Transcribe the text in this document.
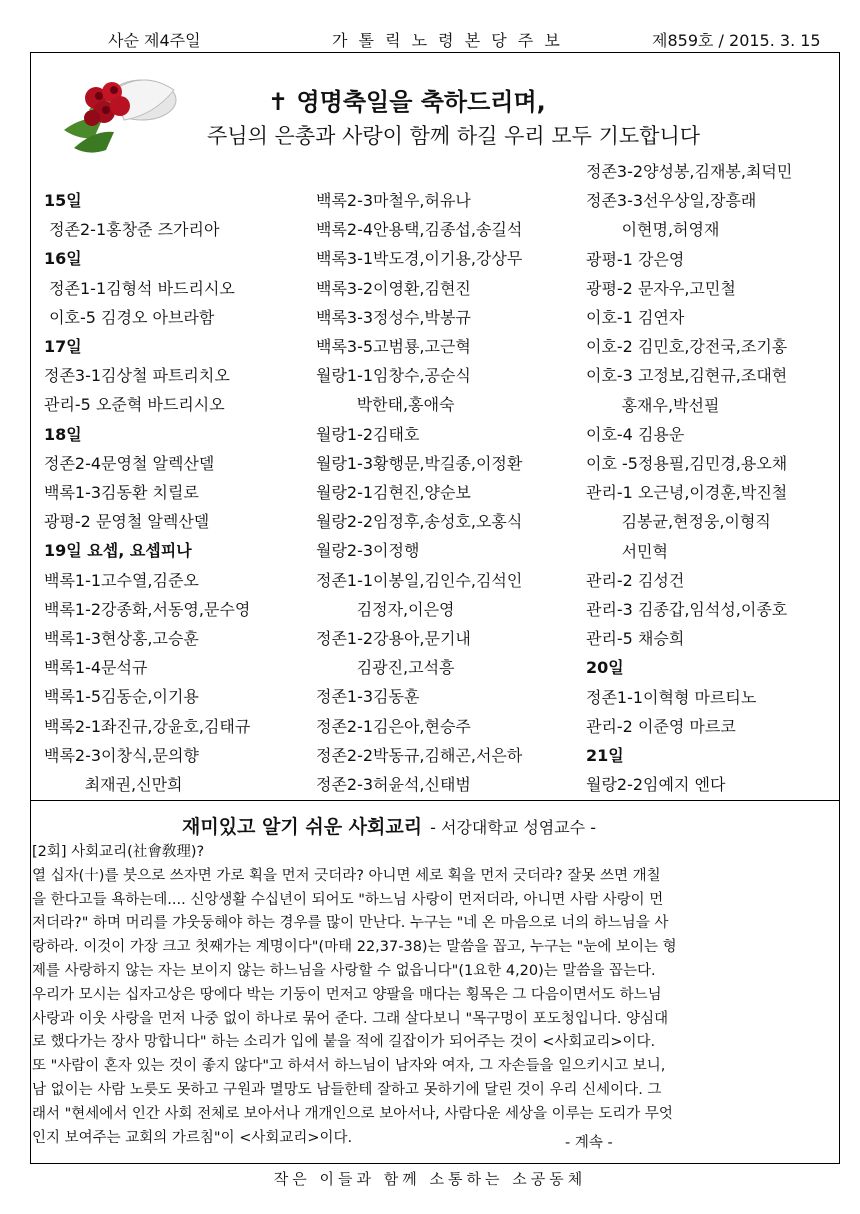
사순 제4주일	가 톨 릭 노 령 본 당 주 보	제859호 / 2015. 3. 15
✝ 영명축일을 축하드리며,
주님의 은총과 사랑이 함께 하길 우리 모두 기도합니다
15일
정존2-1홍창준 즈가리아
16일
정존1-1김형석 바드리시오
이호-5 김경오 아브라함
17일
정존3-1김상철 파트리치오
관리-5 오준혁 바드리시오
18일
정존2-4문영철 알렉산델
백록1-3김동환 치릴로
광평-2 문영철 알렉산델
19일 요셉, 요셉피나
백록1-1고수열,김준오
백록1-2강종화,서동영,문수영
백록1-3현상홍,고승훈
백록1-4문석규
백록1-5김동순,이기용
백록2-1좌진규,강윤호,김태규
백록2-3이창식,문의향
최재권,신만희
백록2-3마철우,허유나
백록2-4안용택,김종섭,송길석
백록3-1박도경,이기용,강상무
백록3-2이영환,김현진
백록3-3정성수,박봉규
백록3-5고범룡,고근혁
월랑1-1임창수,공순식
박한태,홍애숙
월랑1-2김태호
월랑1-3황행문,박길종,이정환
월랑2-1김현진,양순보
월랑2-2임정후,송성호,오홍식
월랑2-3이정행
정존1-1이봉일,김인수,김석인
김정자,이은영
정존1-2강용아,문기내
김광진,고석흥
정존1-3김동훈
정존2-1김은아,현승주
정존2-2박동규,김해곤,서은하
정존2-3허윤석,신태범
정존3-2양성봉,김재봉,최덕민
정존3-3선우상일,장흥래
이현명,허영재
광평-1 강은영
광평-2 문자우,고민철
이호-1 김연자
이호-2 김민호,강전국,조기홍
이호-3 고정보,김현규,조대현
홍재우,박선필
이호-4 김용운
이호 -5정용필,김민경,용오채
관리-1 오근녕,이경훈,박진철
김봉균,현정웅,이형직
서민혁
관리-2 김성건
관리-3 김종갑,임석성,이종호
관리-5 채승희
20일
정존1-1이혁형 마르티노
관리-2 이준영 마르코
21일
월랑2-2임예지 엔다
재미있고 알기 쉬운 사회교리 - 서강대학교 성염교수 -
[2회] 사회교리(社會敎理)?
열 십자(十)를 붓으로 쓰자면 가로 획을 먼저 긋더라? 아니면 세로 획을 먼저 긋더라? 잘못 쓰면 개칠
을 한다고들 욕하는데.... 신앙생활 수십년이 되어도 "하느님 사랑이 먼저더라, 아니면 사람 사랑이 먼
저더라?" 하며 머리를 갸웃둥해야 하는 경우를 많이 만난다. 누구는 "네 온 마음으로 너의 하느님을 사
랑하라. 이것이 가장 크고 첫째가는 계명이다"(마태 22,37-38)는 말씀을 꼽고, 누구는 "눈에 보이는 형
제를 사랑하지 않는 자는 보이지 않는 하느님을 사랑할 수 없읍니다"(1요한 4,20)는 말씀을 꼽는다.
우리가 모시는 십자고상은 땅에다 박는 기둥이 먼저고 양팔을 매다는 횡목은 그 다음이면서도 하느님
사랑과 이웃 사랑을 먼저 나중 없이 하나로 묶어 준다. 그래 살다보니 "목구멍이 포도청입니다. 양심대
로 했다가는 장사 망합니다" 하는 소리가 입에 붙을 적에 길잡이가 되어주는 것이 <사회교리>이다.
또 "사람이 혼자 있는 것이 좋지 않다"고 하셔서 하느님이 남자와 여자, 그 자손들을 일으키시고 보니,
남 없이는 사람 노릇도 못하고 구원과 멸망도 남들한테 잘하고 못하기에 달린 것이 우리 신세이다. 그
래서 "현세에서 인간 사회 전체로 보아서나 개개인으로 보아서나, 사람다운 세상을 이루는 도리가 무엇
인지 보여주는 교회의 가르침"이 <사회교리>이다.	- 계속 -
작은 이들과 함께 소통하는 소공동체
